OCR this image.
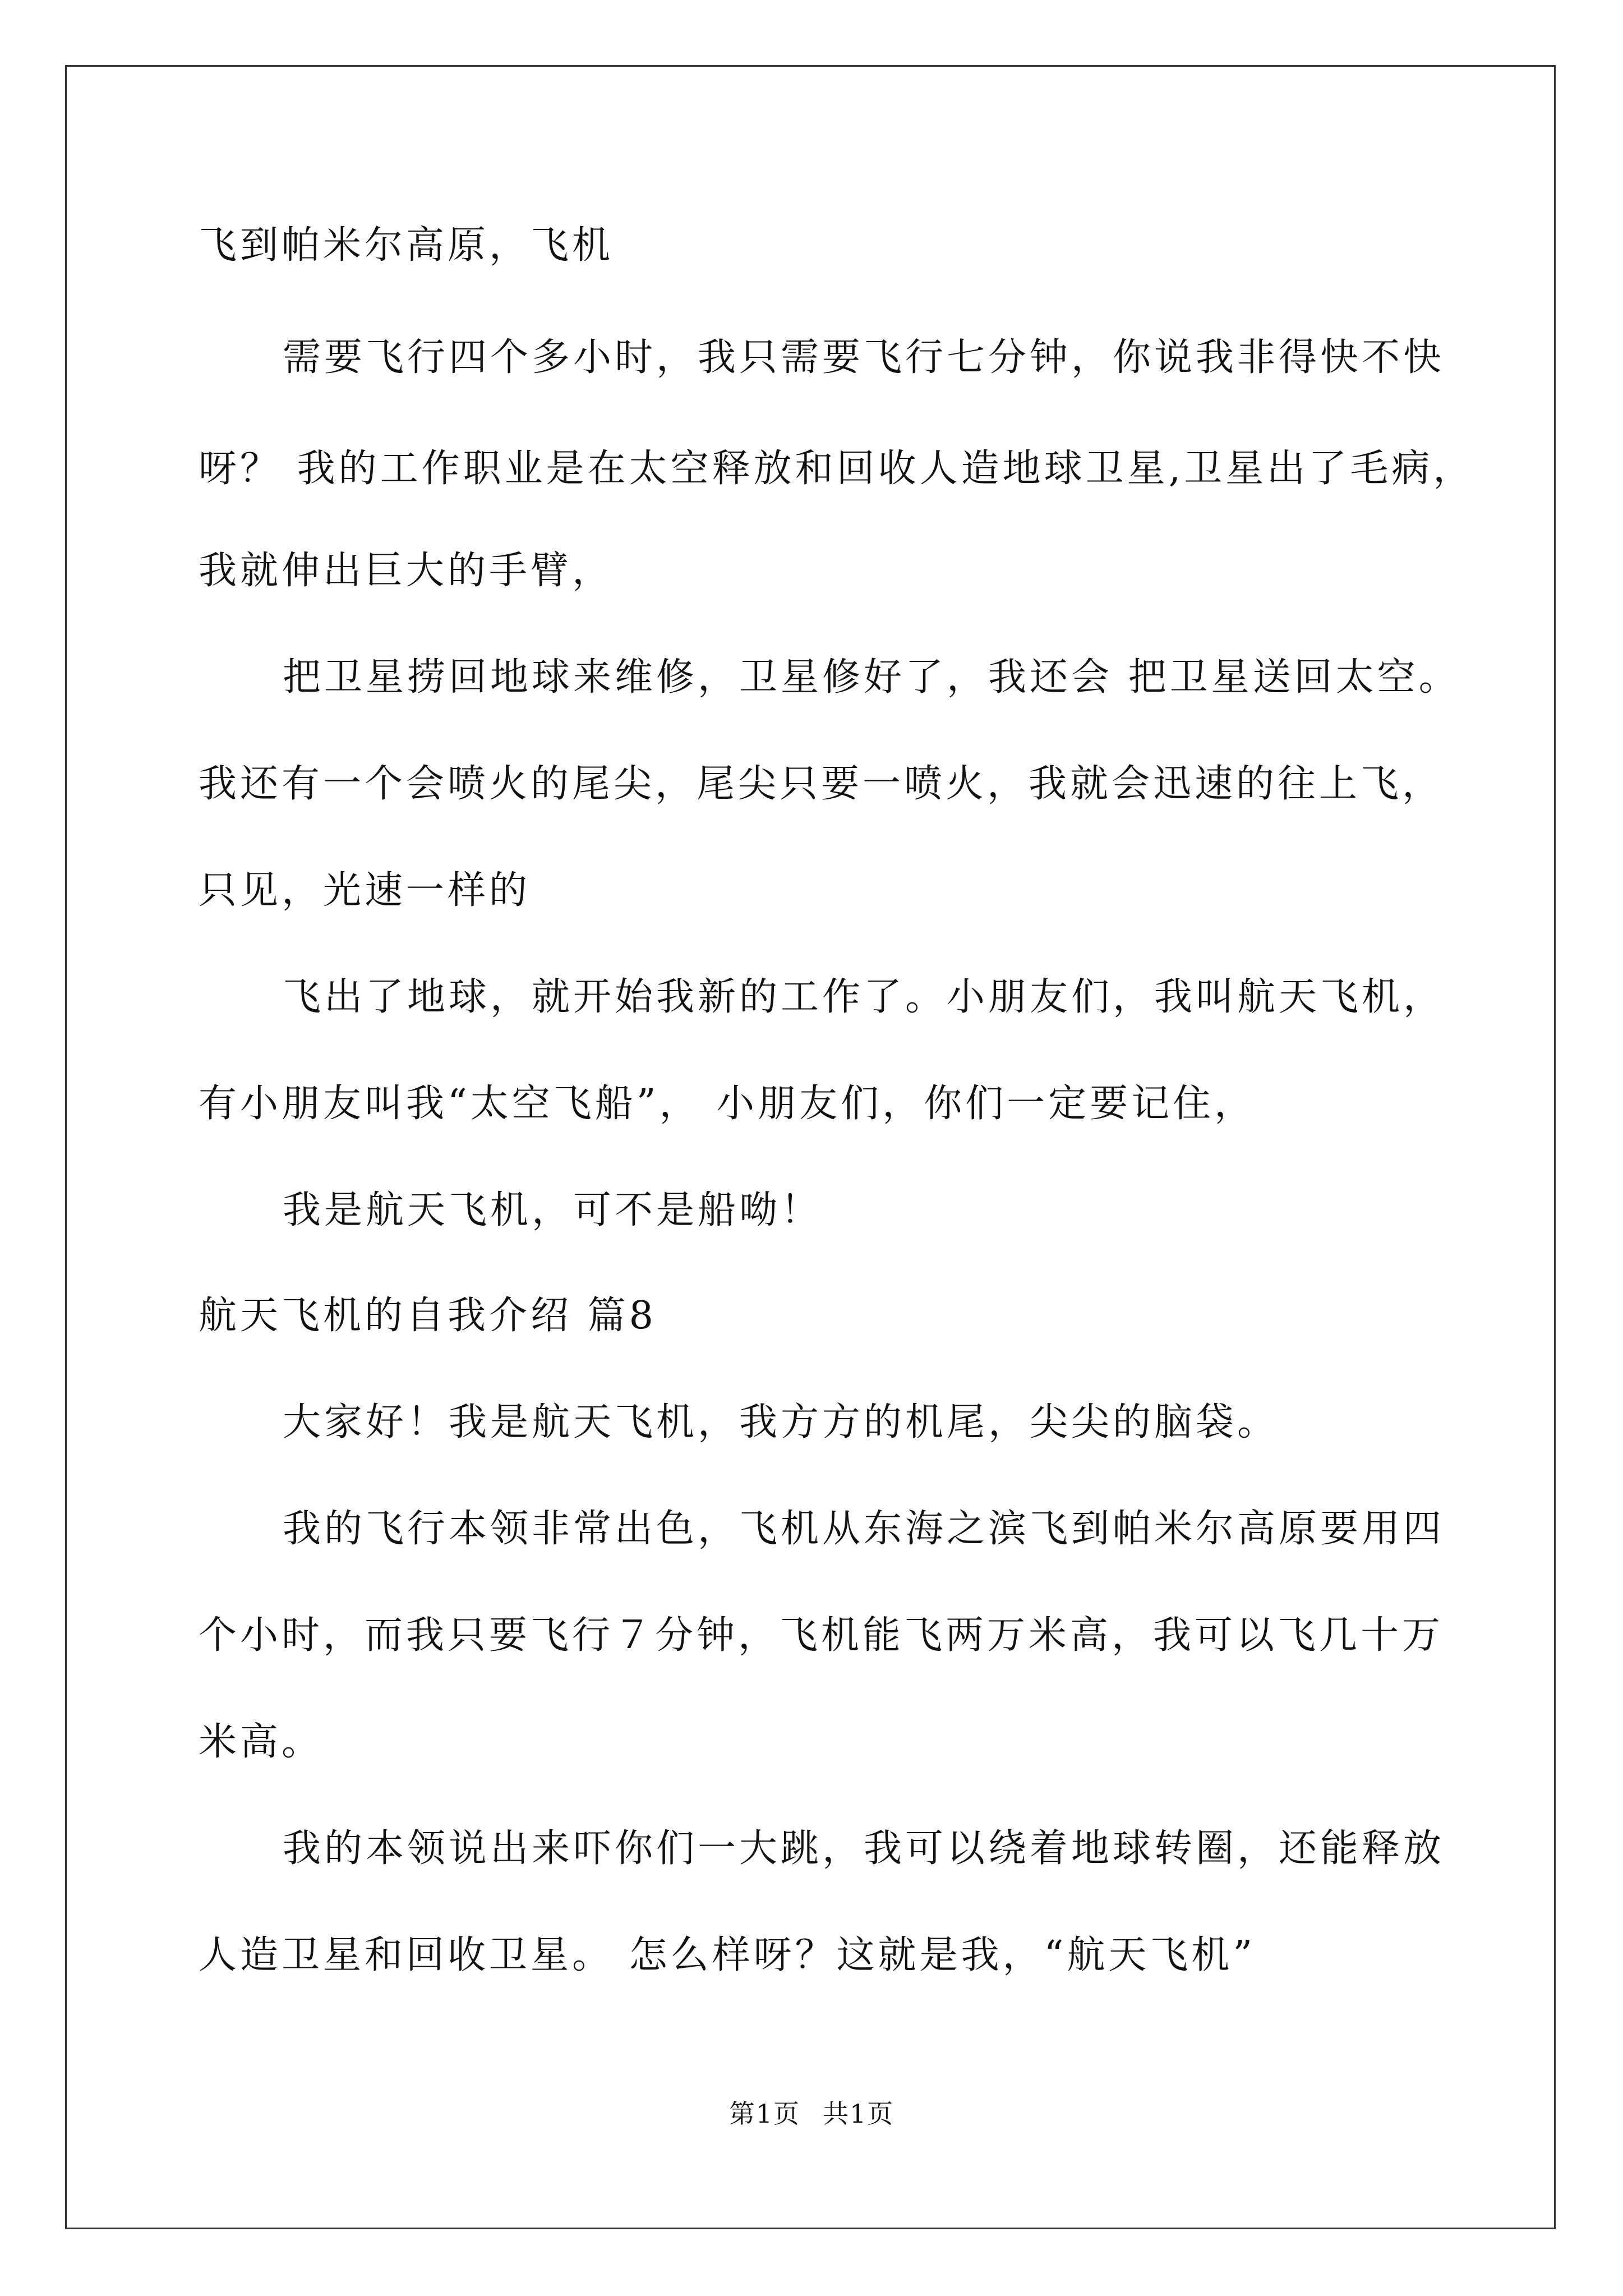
飞到帕米尔高原，飞机
需要飞行四个多小时，我只需要飞行七分钟，你说我非得快不快
呀？ 我的工作职业是在太空释放和回收人造地球卫星,卫星出了毛病，
我就伸出巨大的手臂，
把卫星捞回地球来维修，卫星修好了，我还会 把卫星送回太空。
我还有一个会喷火的尾尖，尾尖只要一喷火，我就会迅速的往上飞，
只见，光速一样的
飞出了地球，就开始我新的工作了。小朋友们，我叫航天飞机，
有小朋友叫我“太空飞船”， 小朋友们，你们一定要记住，
我是航天飞机，可不是船呦！
航天飞机的自我介绍 篇8
大家好！我是航天飞机，我方方的机尾，尖尖的脑袋。
我的飞行本领非常出色，飞机从东海之滨飞到帕米尔高原要用四
个小时，而我只要飞行７分钟，飞机能飞两万米高，我可以飞几十万
米高。
我的本领说出来吓你们一大跳，我可以绕着地球转圈，还能释放
人造卫星和回收卫星。 怎么样呀？这就是我，“航天飞机”
第1页 共1页
